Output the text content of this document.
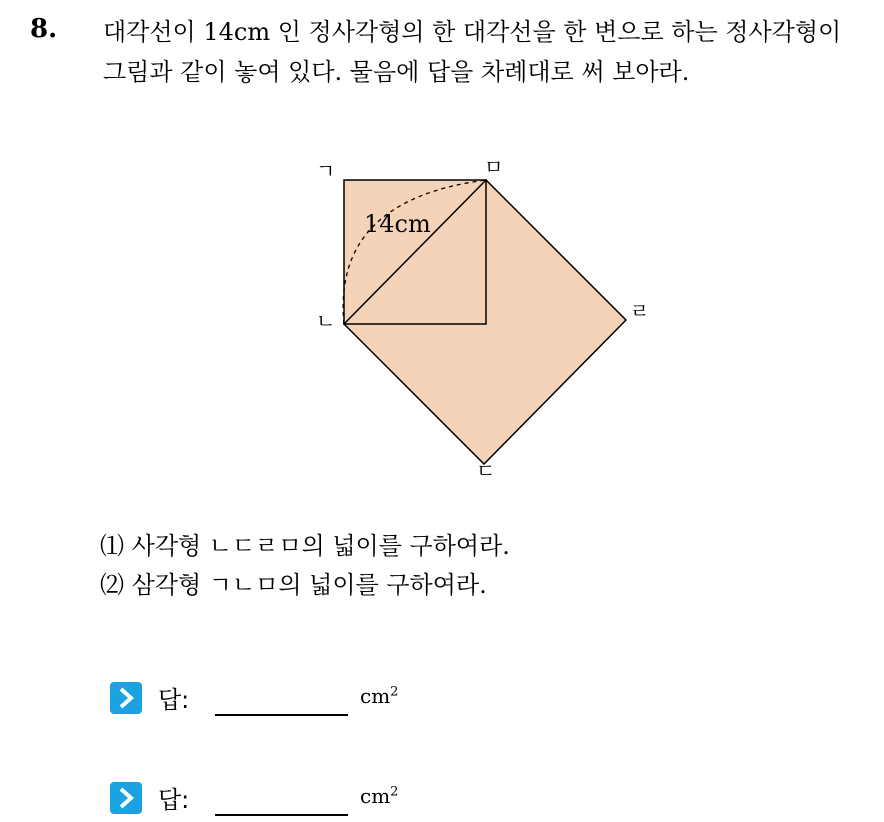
8. 대각선이 14cm 인 정사각형의 한 대각선을 한 변으로 하는 정사각형이
그림과 같이 놓여 있다. 물음에 답을 차례대로 써 보아라.
ㄱ
ㄴ
ㄷ
ㄹ
ㅁ
14cm
⑴ 사각형 ㄴㄷㄹㅁ의 넓이를 구하여라.
⑵ 삼각형 ㄱㄴㅁ의 넓이를 구하여라.
답:	$cm^2$
답:	$cm^2$
